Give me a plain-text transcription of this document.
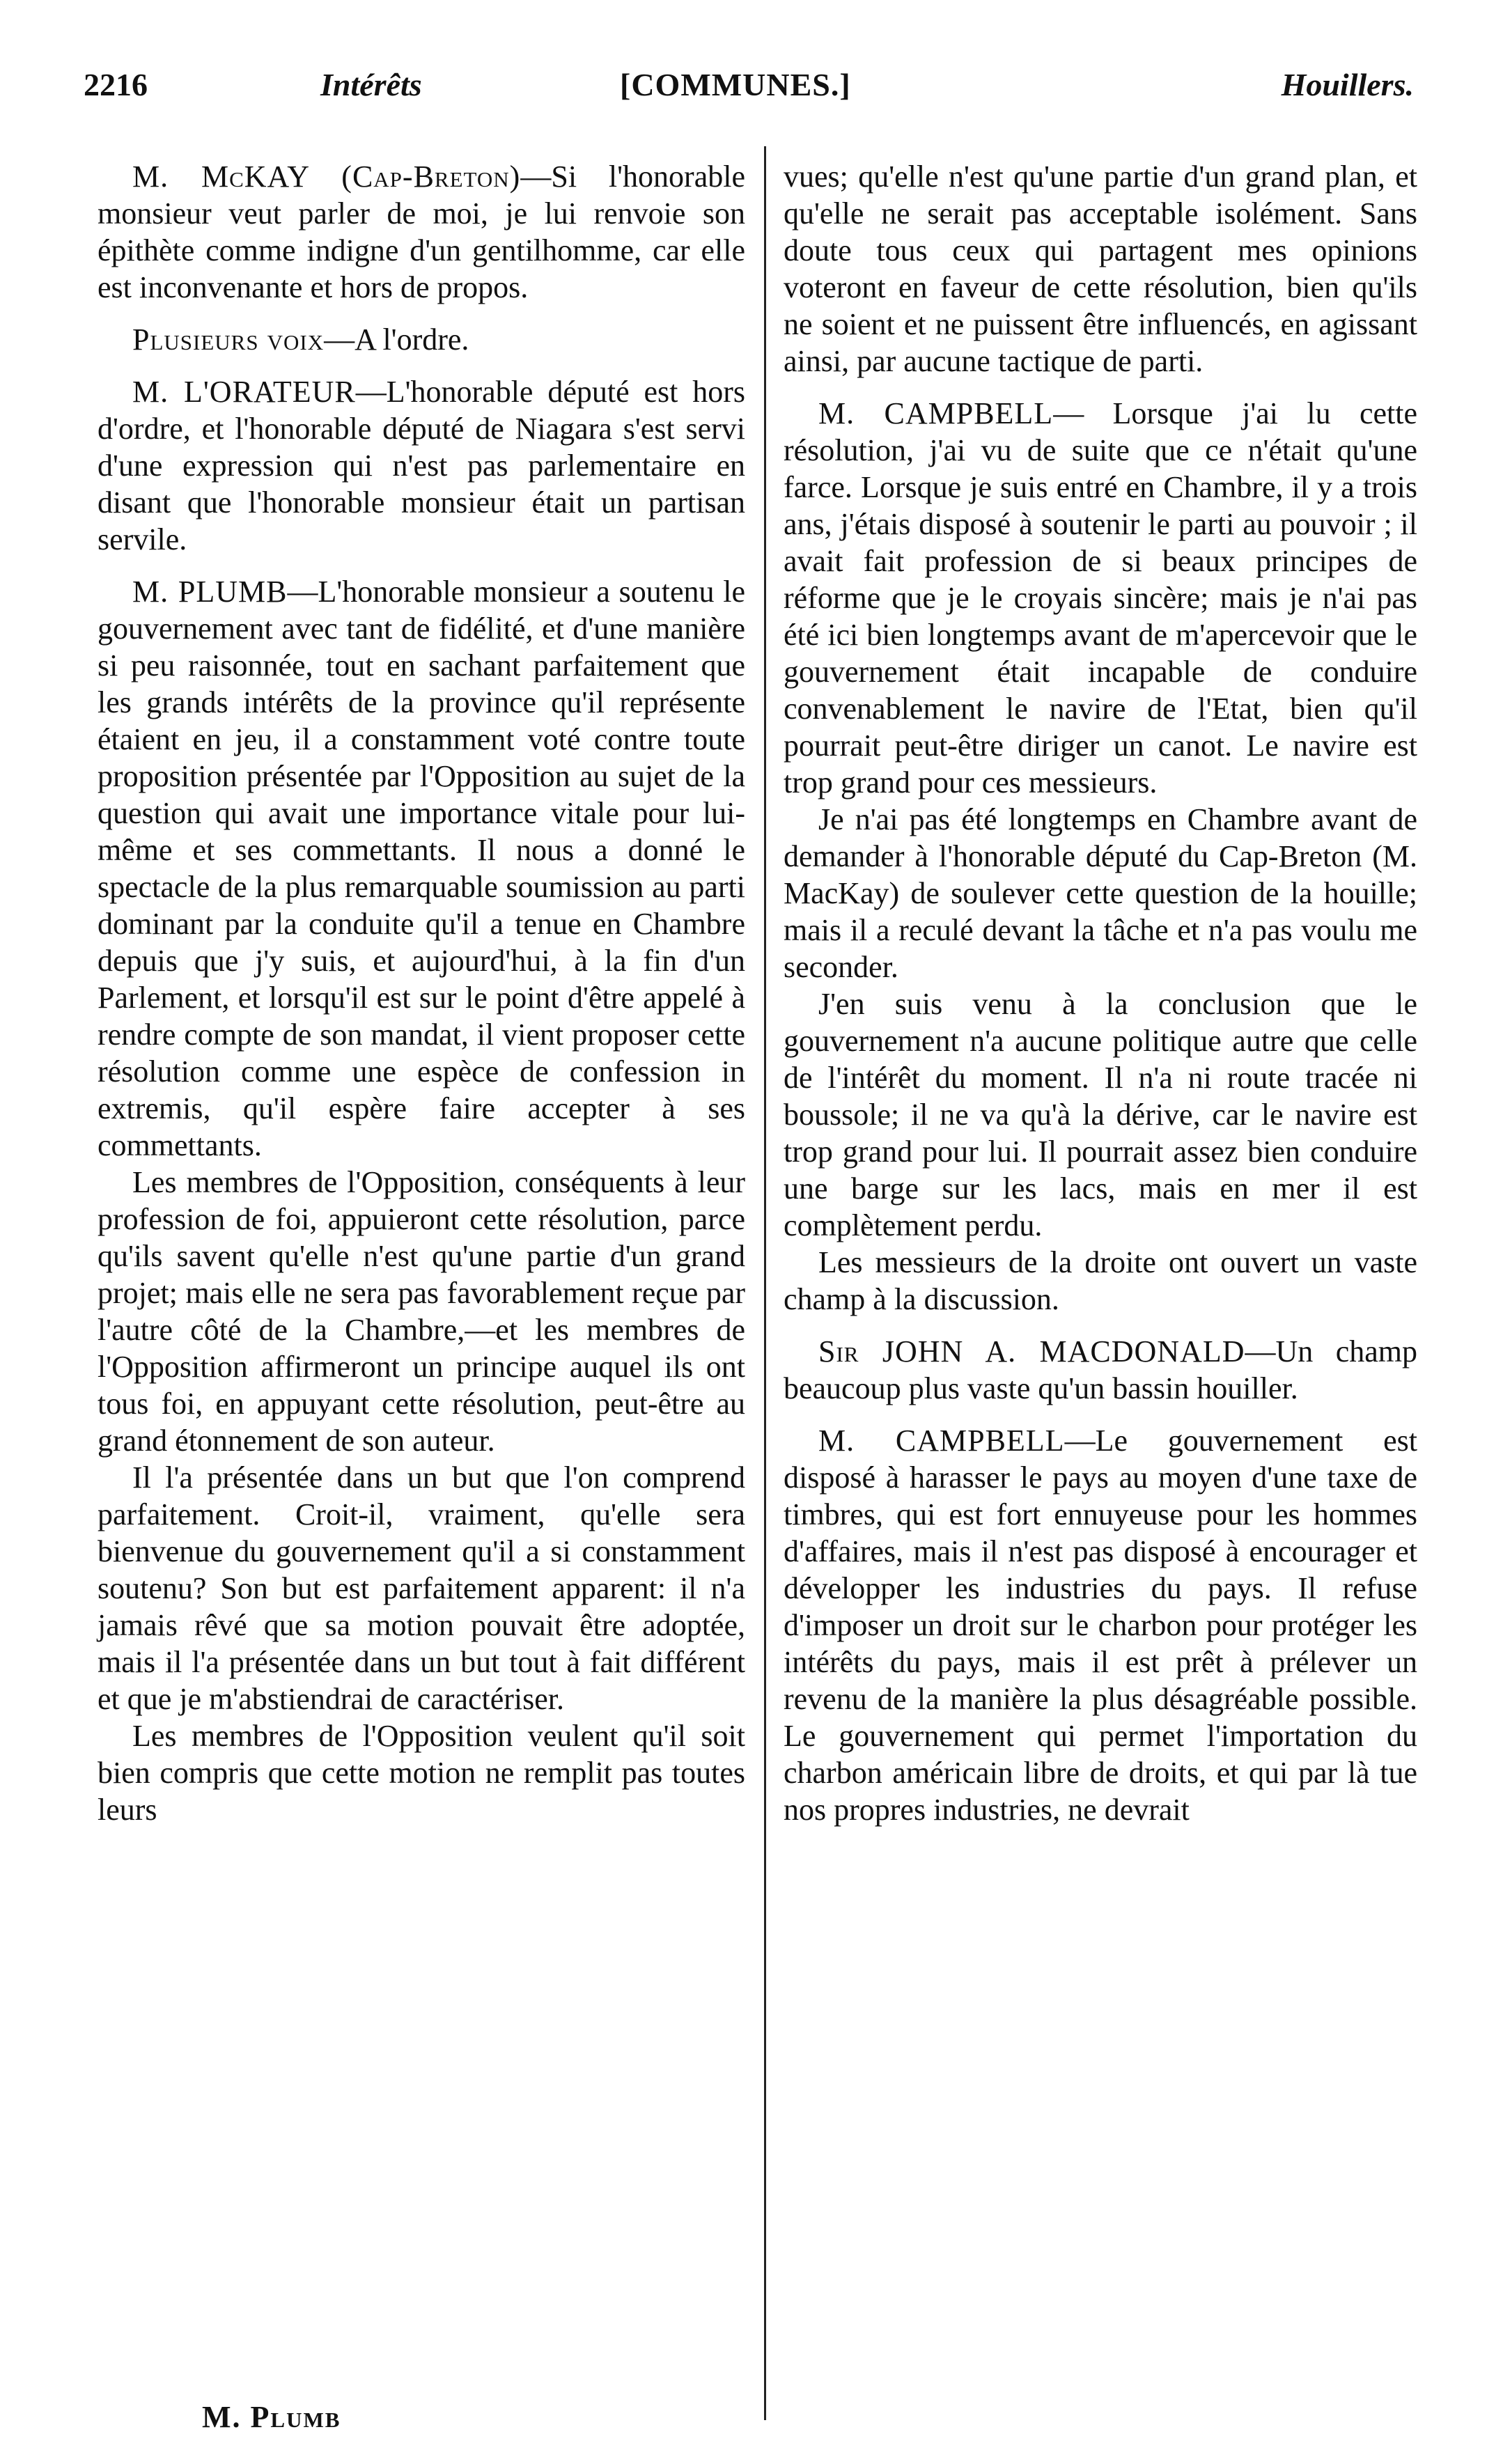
2216	Intérêts	[COMMUNES.]	Houillers.

M. McKAY (Cap-Breton)—Si l'honorable monsieur veut parler de moi, je lui renvoie son épithète comme indigne d'un gentilhomme, car elle est inconvenante et hors de propos.

Plusieurs voix—A l'ordre.

M. L'ORATEUR—L'honorable député est hors d'ordre, et l'honorable député de Niagara s'est servi d'une expression qui n'est pas parlementaire en disant que l'honorable monsieur était un partisan servile.

M. PLUMB—L'honorable monsieur a soutenu le gouvernement avec tant de fidélité, et d'une manière si peu raisonnée, tout en sachant parfaitement que les grands intérêts de la province qu'il représente étaient en jeu, il a constamment voté contre toute proposition présentée par l'Opposition au sujet de la question qui avait une importance vitale pour lui-même et ses commettants. Il nous a donné le spectacle de la plus remarquable soumission au parti dominant par la conduite qu'il a tenue en Chambre depuis que j'y suis, et aujourd'hui, à la fin d'un Parlement, et lorsqu'il est sur le point d'être appelé à rendre compte de son mandat, il vient proposer cette résolution comme une espèce de confession in extremis, qu'il espère faire accepter à ses commettants.

Les membres de l'Opposition, conséquents à leur profession de foi, appuieront cette résolution, parce qu'ils savent qu'elle n'est qu'une partie d'un grand projet; mais elle ne sera pas favorablement reçue par l'autre côté de la Chambre,—et les membres de l'Opposition affirmeront un principe auquel ils ont tous foi, en appuyant cette résolution, peut-être au grand étonnement de son auteur.

Il l'a présentée dans un but que l'on comprend parfaitement. Croit-il, vraiment, qu'elle sera bienvenue du gouvernement qu'il a si constamment soutenu? Son but est parfaitement apparent: il n'a jamais rêvé que sa motion pouvait être adoptée, mais il l'a présentée dans un but tout à fait différent et que je m'abstiendrai de caractériser.

Les membres de l'Opposition veulent qu'il soit bien compris que cette motion ne remplit pas toutes leurs

vues; qu'elle n'est qu'une partie d'un grand plan, et qu'elle ne serait pas acceptable isolément. Sans doute tous ceux qui partagent mes opinions voteront en faveur de cette résolution, bien qu'ils ne soient et ne puissent être influencés, en agissant ainsi, par aucune tactique de parti.

M. CAMPBELL— Lorsque j'ai lu cette résolution, j'ai vu de suite que ce n'était qu'une farce. Lorsque je suis entré en Chambre, il y a trois ans, j'étais disposé à soutenir le parti au pouvoir ; il avait fait profession de si beaux principes de réforme que je le croyais sincère; mais je n'ai pas été ici bien longtemps avant de m'apercevoir que le gouvernement était incapable de conduire convenablement le navire de l'Etat, bien qu'il pourrait peut-être diriger un canot. Le navire est trop grand pour ces messieurs.

Je n'ai pas été longtemps en Chambre avant de demander à l'honorable député du Cap-Breton (M. MacKay) de soulever cette question de la houille; mais il a reculé devant la tâche et n'a pas voulu me seconder.

J'en suis venu à la conclusion que le gouvernement n'a aucune politique autre que celle de l'intérêt du moment. Il n'a ni route tracée ni boussole; il ne va qu'à la dérive, car le navire est trop grand pour lui. Il pourrait assez bien conduire une barge sur les lacs, mais en mer il est complètement perdu.

Les messieurs de la droite ont ouvert un vaste champ à la discussion.

Sir JOHN A. MACDONALD—Un champ beaucoup plus vaste qu'un bassin houiller.

M. CAMPBELL—Le gouvernement est disposé à harasser le pays au moyen d'une taxe de timbres, qui est fort ennuyeuse pour les hommes d'affaires, mais il n'est pas disposé à encourager et développer les industries du pays. Il refuse d'imposer un droit sur le charbon pour protéger les intérêts du pays, mais il est prêt à prélever un revenu de la manière la plus désagréable possible. Le gouvernement qui permet l'importation du charbon américain libre de droits, et qui par là tue nos propres industries, ne devrait

M. Plumb
